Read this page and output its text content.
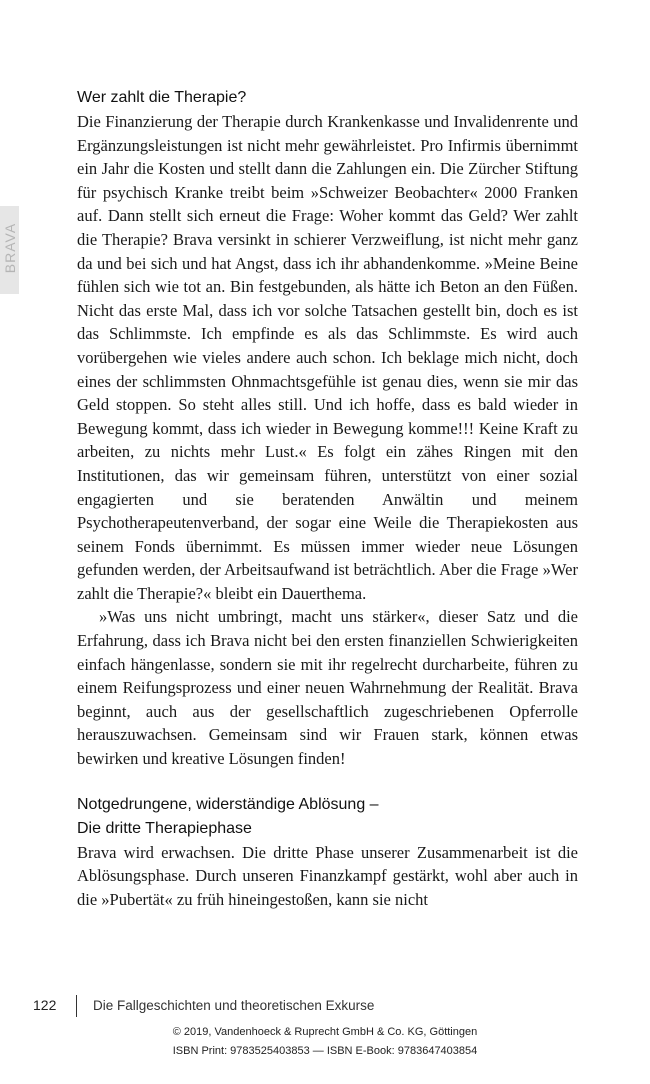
BRAVA
Wer zahlt die Therapie?

Die Finanzierung der Therapie durch Krankenkasse und Invalidenrente und Ergänzungsleistungen ist nicht mehr gewährleistet. Pro Infirmis übernimmt ein Jahr die Kosten und stellt dann die Zahlungen ein. Die Zürcher Stiftung für psychisch Kranke treibt beim »Schweizer Beobachter« 2000 Franken auf. Dann stellt sich erneut die Frage: Woher kommt das Geld? Wer zahlt die Therapie? Brava versinkt in schierer Verzweiflung, ist nicht mehr ganz da und bei sich und hat Angst, dass ich ihr abhandenkomme. »Meine Beine fühlen sich wie tot an. Bin festgebunden, als hätte ich Beton an den Füßen. Nicht das erste Mal, dass ich vor solche Tatsachen gestellt bin, doch es ist das Schlimmste. Ich empfinde es als das Schlimmste. Es wird auch vorübergehen wie vieles andere auch schon. Ich beklage mich nicht, doch eines der schlimmsten Ohnmachtsgefühle ist genau dies, wenn sie mir das Geld stoppen. So steht alles still. Und ich hoffe, dass es bald wieder in Bewegung kommt, dass ich wieder in Bewegung komme!!! Keine Kraft zu arbeiten, zu nichts mehr Lust.« Es folgt ein zähes Ringen mit den Institutionen, das wir gemeinsam führen, unterstützt von einer sozial engagierten und sie beratenden Anwältin und meinem Psychotherapeutenverband, der sogar eine Weile die Therapiekosten aus seinem Fonds übernimmt. Es müssen immer wieder neue Lösungen gefunden werden, der Arbeitsaufwand ist beträchtlich. Aber die Frage »Wer zahlt die Therapie?« bleibt ein Dauerthema.

»Was uns nicht umbringt, macht uns stärker«, dieser Satz und die Erfahrung, dass ich Brava nicht bei den ersten finanziellen Schwierigkeiten einfach hängenlasse, sondern sie mit ihr regelrecht durcharbeite, führen zu einem Reifungsprozess und einer neuen Wahrnehmung der Realität. Brava beginnt, auch aus der gesellschaftlich zugeschriebenen Opferrolle herauszuwachsen. Gemeinsam sind wir Frauen stark, können etwas bewirken und kreative Lösungen finden!

Notgedrungene, widerständige Ablösung –
Die dritte Therapiephase

Brava wird erwachsen. Die dritte Phase unserer Zusammenarbeit ist die Ablösungsphase. Durch unseren Finanzkampf gestärkt, wohl aber auch in die »Pubertät« zu früh hineingestoßen, kann sie nicht

122	Die Fallgeschichten und theoretischen Exkurse
© 2019, Vandenhoeck & Ruprecht GmbH & Co. KG, Göttingen
ISBN Print: 9783525403853 — ISBN E-Book: 9783647403854
